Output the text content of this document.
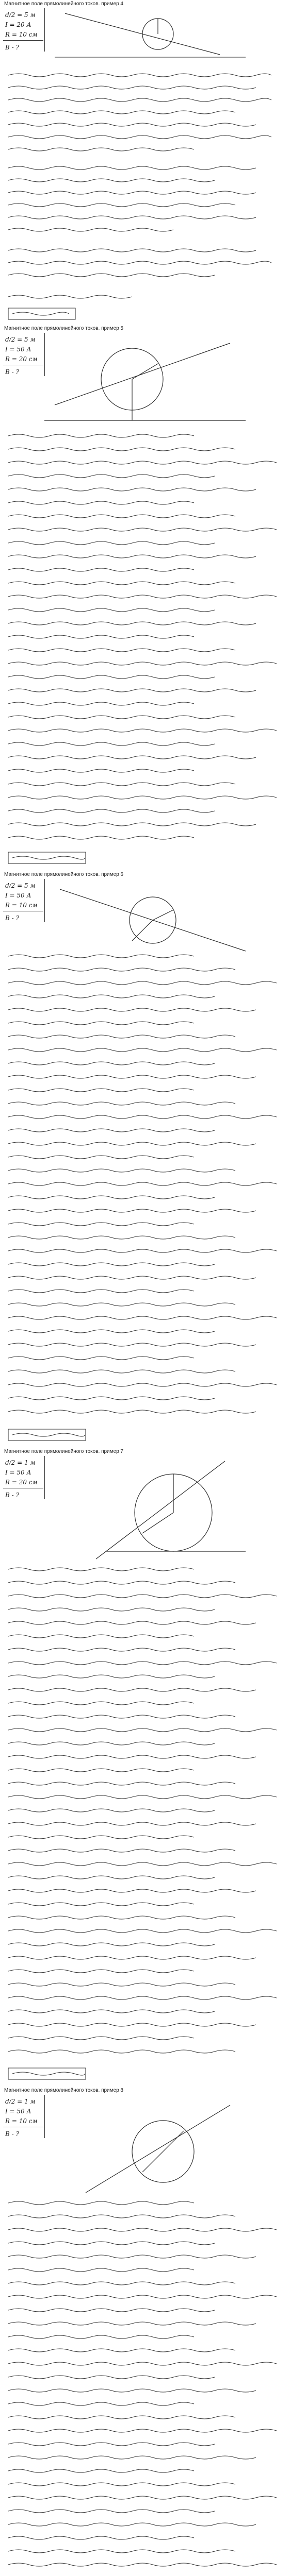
Магнитное поле прямолинейного токов. пример 4
d/2 = 5 м
I = 20 А
R = 10 см
B - ?
Магнитное поле прямолинейного токов. пример 5
d/2 = 5 м
I = 50 А
R = 20 см
B - ?
Магнитное поле прямолинейного токов. пример 6
d/2 = 5 м
I = 50 А
R = 10 см
B - ?
Магнитное поле прямолинейного токов. пример 7
d/2 = 1 м
I = 50 А
R = 20 см
B - ?
Магнитное поле прямолинейного токов. пример 8
d/2 = 1 м
I = 50 А
R = 10 см
B - ?
